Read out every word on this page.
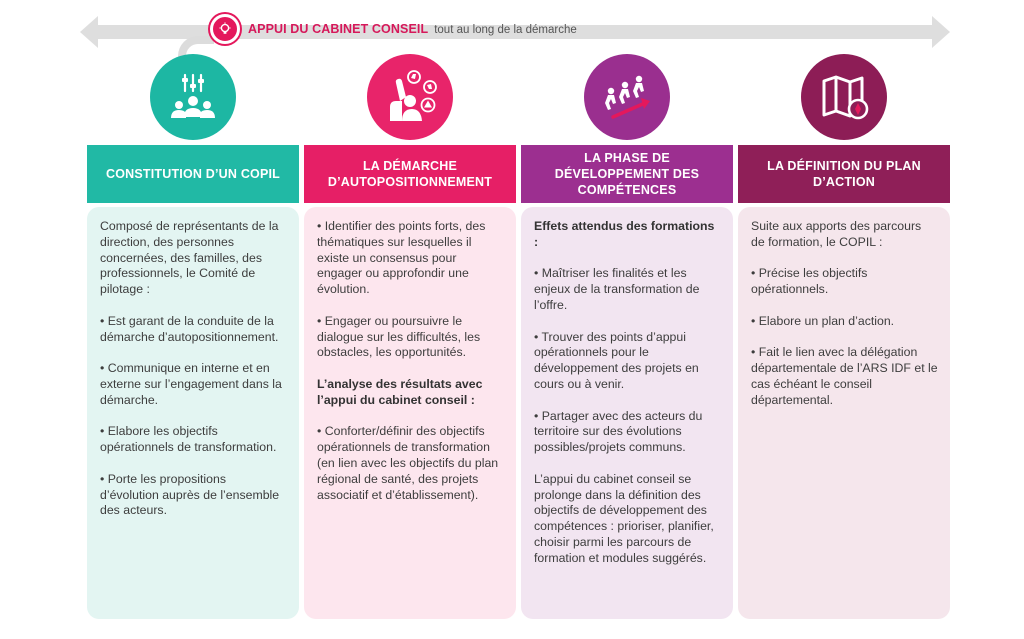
APPUI DU CABINET CONSEIL tout au long de la démarche
CONSTITUTION D’UN COPIL

Composé de représentants de la direction, des personnes concernées, des familles, des professionnels, le Comité de pilotage :

• Est garant de la conduite de la démarche d’autopositionnement.

• Communique en interne et en externe sur l’engagement dans la démarche.

• Elabore les objectifs opérationnels de transformation.

• Porte les propositions d’évolution auprès de l’ensemble des acteurs.

LA DÉMARCHE D’AUTOPOSITIONNEMENT

• Identifier des points forts, des thématiques sur lesquelles il existe un consensus pour engager ou approfondir une évolution.

• Engager ou poursuivre le dialogue sur les difficultés, les obstacles, les opportunités.

L’analyse des résultats avec l’appui du cabinet conseil :

• Conforter/définir des objectifs opérationnels de transformation (en lien avec les objectifs du plan régional de santé, des projets associatif et d’établissement).

LA PHASE DE DÉVELOPPEMENT DES COMPÉTENCES

Effets attendus des formations :

• Maîtriser les finalités et les enjeux de la transformation de l’offre.

• Trouver des points d’appui opérationnels pour le développement des projets en cours ou à venir.

• Partager avec des acteurs du territoire sur des évolutions possibles/projets communs.

L’appui du cabinet conseil se prolonge dans la définition des objectifs de développement des compétences : prioriser, planifier, choisir parmi les parcours de formation et modules suggérés.

LA DÉFINITION DU PLAN D’ACTION

Suite aux apports des parcours de formation, le COPIL :

• Précise les objectifs opérationnels.

• Elabore un plan d’action.

• Fait le lien avec la délégation départementale de l’ARS IDF et le cas échéant le conseil départemental.
